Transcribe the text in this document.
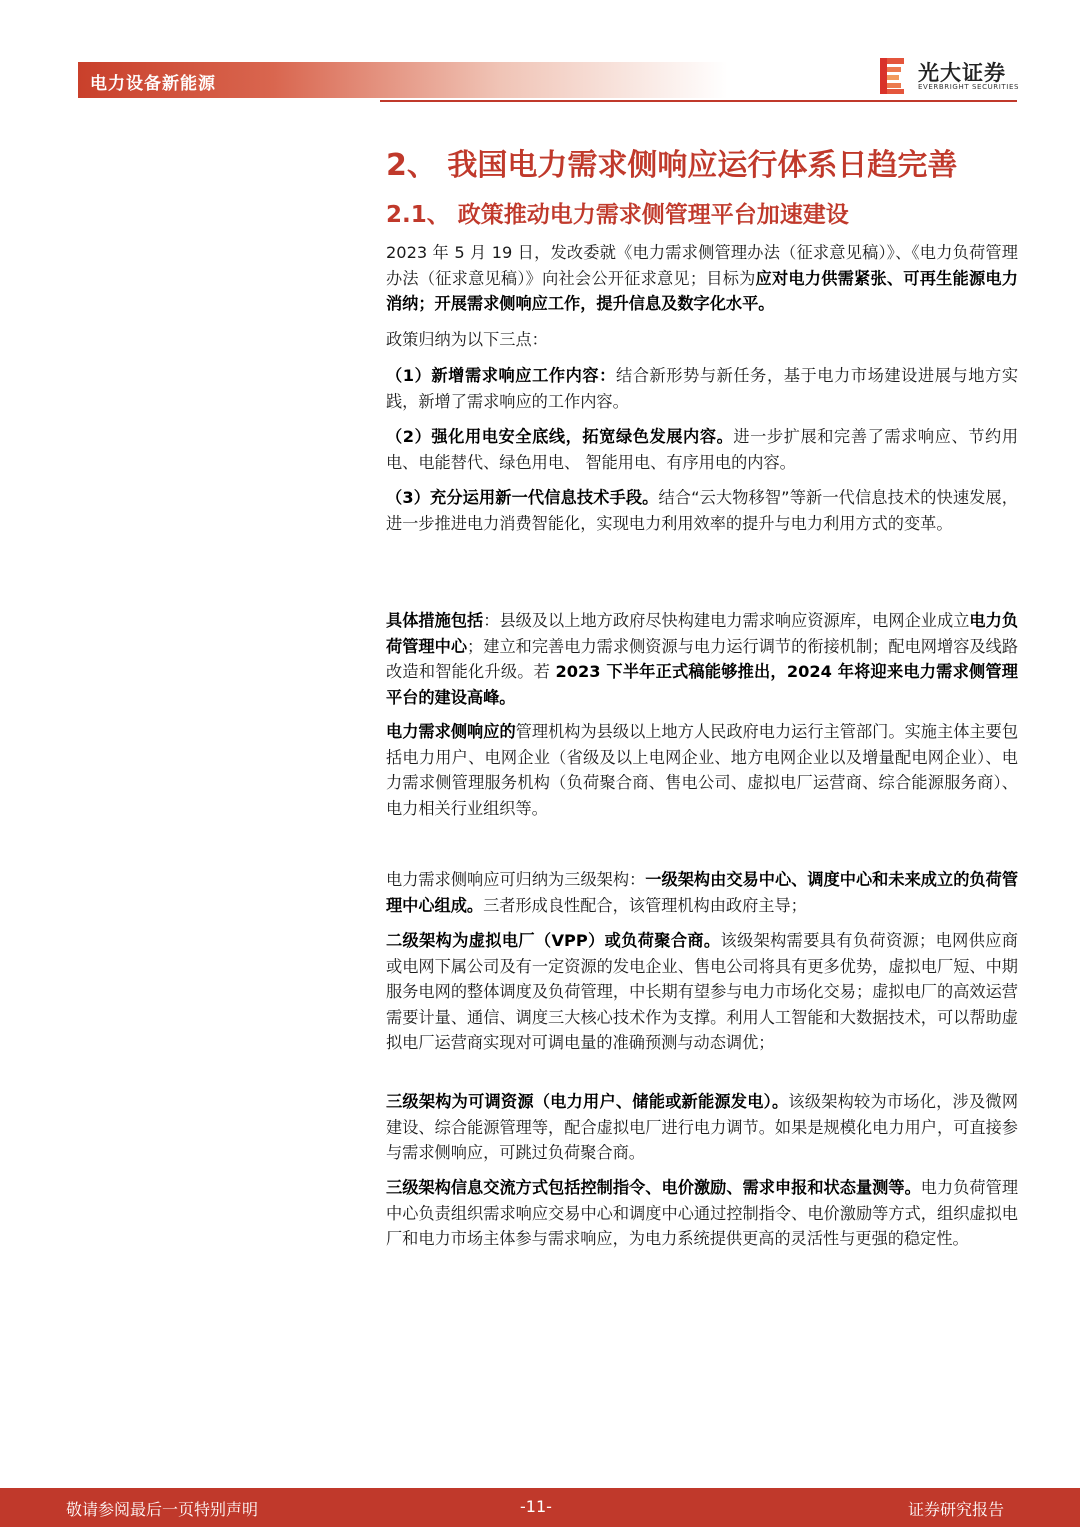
电力设备新能源	光大证券
EVERBRIGHT SECURITIES
2、 我国电力需求侧响应运行体系日趋完善
2.1、 政策推动电力需求侧管理平台加速建设
2023 年 5 月 19 日，发改委就《电力需求侧管理办法（征求意见稿）》、《电力负荷管理办法（征求意见稿）》向社会公开征求意见；目标为应对电力供需紧张、可再生能源电力消纳；开展需求侧响应工作，提升信息及数字化水平。
政策归纳为以下三点：
（1）新增需求响应工作内容：结合新形势与新任务，基于电力市场建设进展与地方实践，新增了需求响应的工作内容。
（2）强化用电安全底线，拓宽绿色发展内容。进一步扩展和完善了需求响应、节约用电、电能替代、绿色用电、 智能用电、有序用电的内容。
（3）充分运用新一代信息技术手段。结合“云大物移智”等新一代信息技术的快速发展，进一步推进电力消费智能化，实现电力利用效率的提升与电力利用方式的变革。
具体措施包括：县级及以上地方政府尽快构建电力需求响应资源库，电网企业成立电力负荷管理中心；建立和完善电力需求侧资源与电力运行调节的衔接机制；配电网增容及线路改造和智能化升级。若 2023 下半年正式稿能够推出，2024 年将迎来电力需求侧管理平台的建设高峰。
电力需求侧响应的管理机构为县级以上地方人民政府电力运行主管部门。实施主体主要包括电力用户、电网企业（省级及以上电网企业、地方电网企业以及增量配电网企业）、电力需求侧管理服务机构（负荷聚合商、售电公司、虚拟电厂运营商、综合能源服务商）、电力相关行业组织等。
电力需求侧响应可归纳为三级架构：一级架构由交易中心、调度中心和未来成立的负荷管理中心组成。三者形成良性配合，该管理机构由政府主导；
二级架构为虚拟电厂（VPP）或负荷聚合商。该级架构需要具有负荷资源；电网供应商或电网下属公司及有一定资源的发电企业、售电公司将具有更多优势，虚拟电厂短、中期服务电网的整体调度及负荷管理，中长期有望参与电力市场化交易；虚拟电厂的高效运营需要计量、通信、调度三大核心技术作为支撑。利用人工智能和大数据技术，可以帮助虚拟电厂运营商实现对可调电量的准确预测与动态调优；
三级架构为可调资源（电力用户、储能或新能源发电）。该级架构较为市场化，涉及微网建设、综合能源管理等，配合虚拟电厂进行电力调节。如果是规模化电力用户，可直接参与需求侧响应，可跳过负荷聚合商。
三级架构信息交流方式包括控制指令、电价激励、需求申报和状态量测等。电力负荷管理中心负责组织需求响应交易中心和调度中心通过控制指令、电价激励等方式，组织虚拟电厂和电力市场主体参与需求响应，为电力系统提供更高的灵活性与更强的稳定性。
敬请参阅最后一页特别声明	-11-	证券研究报告
